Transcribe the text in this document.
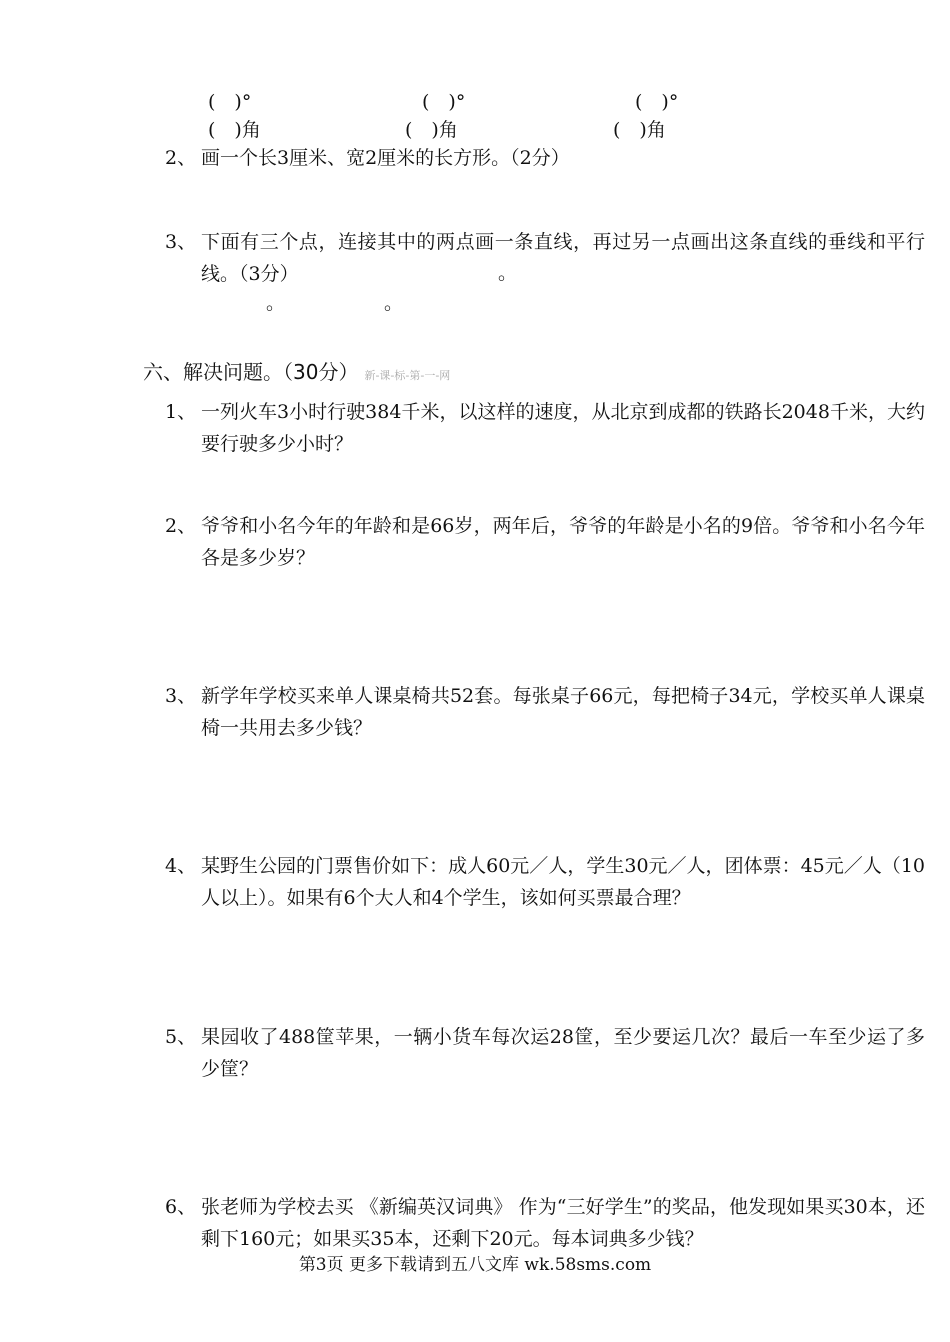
(　)°	(　)°	(　)°
(　)角	(　)角	(　)角
2、 画一个长3厘米、宽2厘米的长方形。（2分）
3、 下面有三个点，连接其中的两点画一条直线，再过另一点画出这条直线的垂线和平行线。（3分）	。
。	。
六、解决问题。（30分） 新-课-标-第-一-网
1、 一列火车3小时行驶384千米，以这样的速度，从北京到成都的铁路长2048千米，大约要行驶多少小时？
2、 爷爷和小名今年的年龄和是66岁，两年后，爷爷的年龄是小名的9倍。爷爷和小名今年各是多少岁？
3、 新学年学校买来单人课桌椅共52套。每张桌子66元，每把椅子34元，学校买单人课桌椅一共用去多少钱？
4、 某野生公园的门票售价如下：成人60元／人，学生30元／人，团体票：45元／人（10人以上）。如果有6个大人和4个学生，该如何买票最合理？
5、 果园收了488筐苹果，一辆小货车每次运28筐，至少要运几次？最后一车至少运了多少筐？
6、 张老师为学校去买 《新编英汉词典》 作为“三好学生”的奖品，他发现如果买30本，还剩下160元；如果买35本，还剩下20元。每本词典多少钱？
第3页 更多下载请到五八文库 wk.58sms.com
